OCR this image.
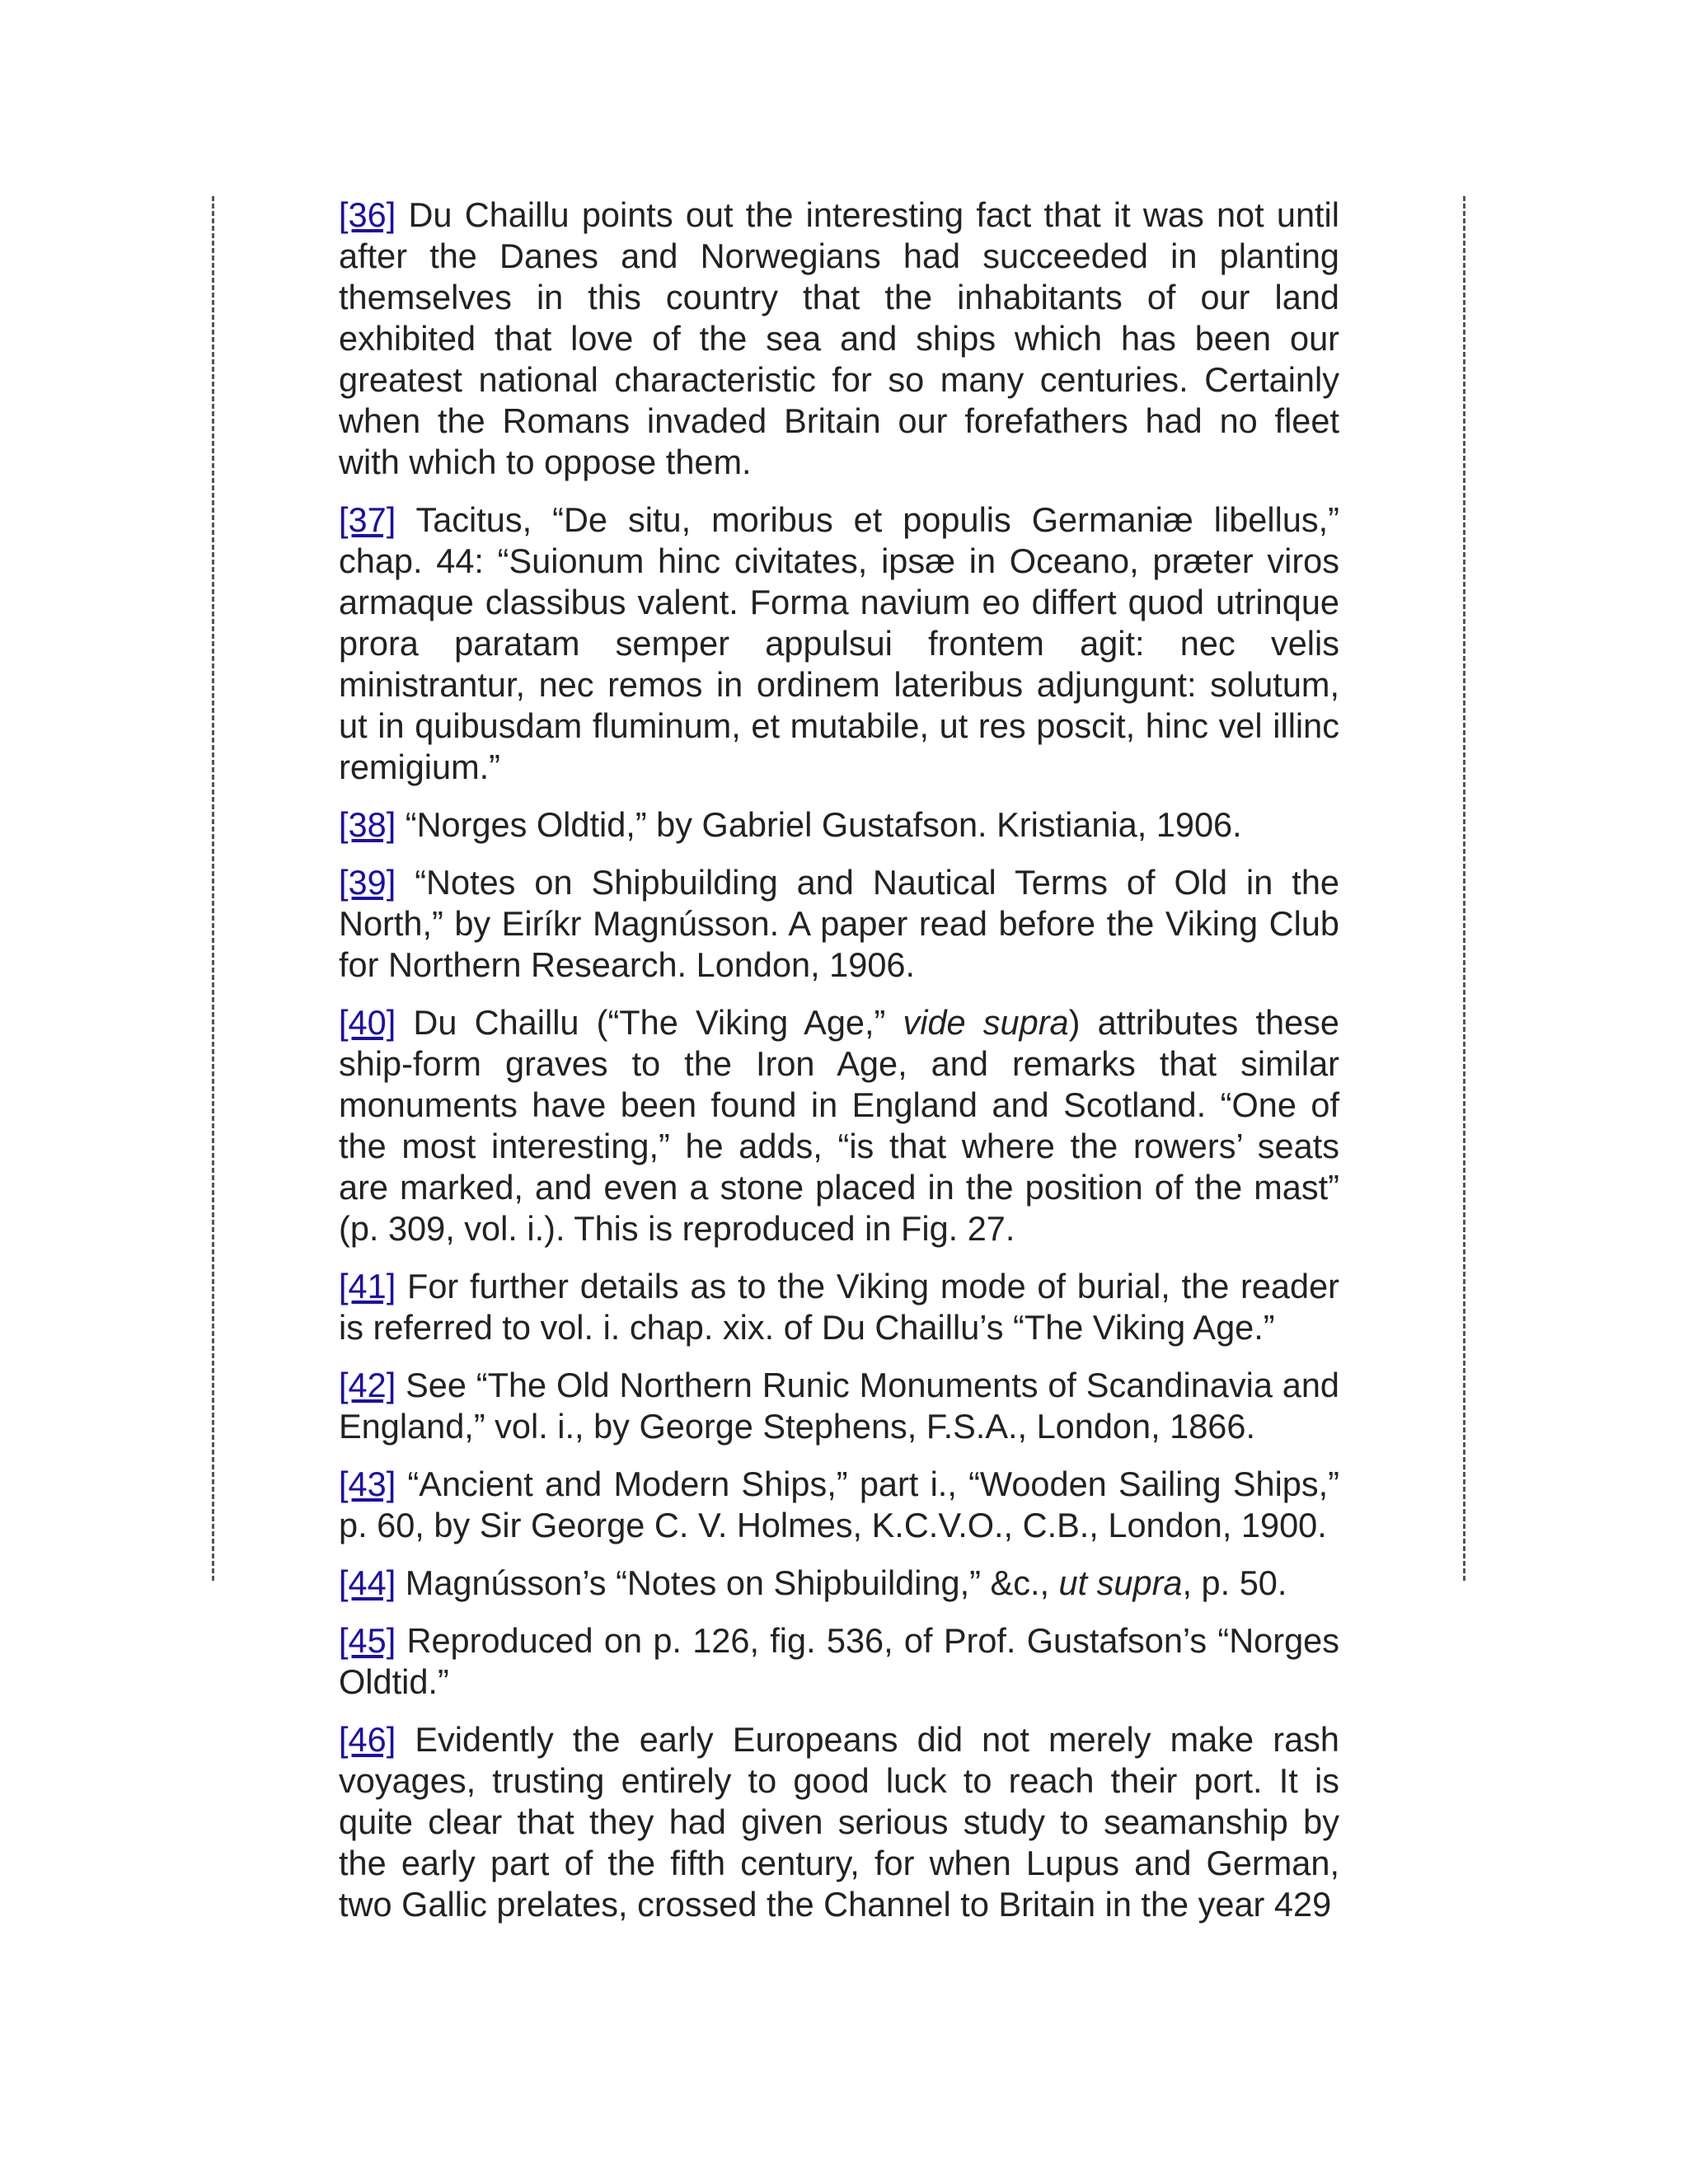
[36] Du Chaillu points out the interesting fact that it was not until after the Danes and Norwegians had succeeded in planting themselves in this country that the inhabitants of our land exhibited that love of the sea and ships which has been our greatest national characteristic for so many centuries. Certainly when the Romans invaded Britain our forefathers had no fleet with which to oppose them.

[37] Tacitus, “De situ, moribus et populis Germaniæ libellus,” chap. 44: “Suionum hinc civitates, ipsæ in Oceano, præter viros armaque classibus valent. Forma navium eo differt quod utrinque prora paratam semper appulsui frontem agit: nec velis ministrantur, nec remos in ordinem lateribus adjungunt: solutum, ut in quibusdam fluminum, et mutabile, ut res poscit, hinc vel illinc remigium.”

[38] “Norges Oldtid,” by Gabriel Gustafson. Kristiania, 1906.

[39] “Notes on Shipbuilding and Nautical Terms of Old in the North,” by Eiríkr Magnússon. A paper read before the Viking Club for Northern Research. London, 1906.

[40] Du Chaillu (“The Viking Age,” vide supra) attributes these ship-form graves to the Iron Age, and remarks that similar monuments have been found in England and Scotland. “One of the most interesting,” he adds, “is that where the rowers’ seats are marked, and even a stone placed in the position of the mast” (p. 309, vol. i.). This is reproduced in Fig. 27.

[41] For further details as to the Viking mode of burial, the reader is referred to vol. i. chap. xix. of Du Chaillu’s “The Viking Age.”

[42] See “The Old Northern Runic Monuments of Scandinavia and England,” vol. i., by George Stephens, F.S.A., London, 1866.

[43] “Ancient and Modern Ships,” part i., “Wooden Sailing Ships,” p. 60, by Sir George C. V. Holmes, K.C.V.O., C.B., London, 1900.

[44] Magnússon’s “Notes on Shipbuilding,” &c., ut supra, p. 50.

[45] Reproduced on p. 126, fig. 536, of Prof. Gustafson’s “Norges Oldtid.”

[46] Evidently the early Europeans did not merely make rash voyages, trusting entirely to good luck to reach their port. It is quite clear that they had given serious study to seamanship by the early part of the fifth century, for when Lupus and German, two Gallic prelates, crossed the Channel to Britain in the year 429
